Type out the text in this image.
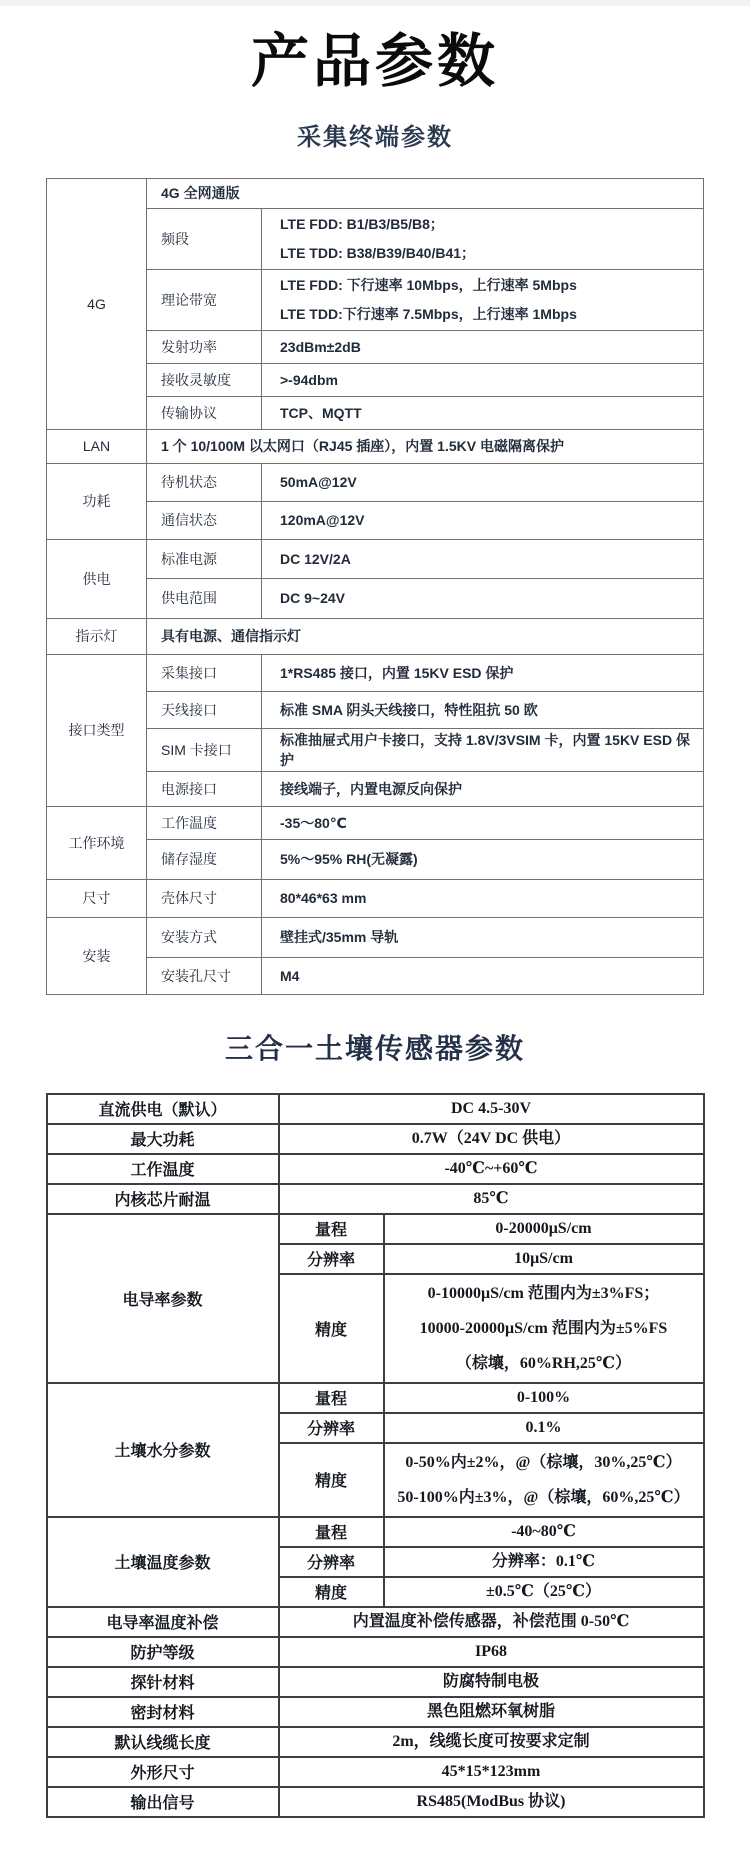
产品参数
采集终端参数
4G	4G 全网通版	

	频段	LTE FDD: B1/B3/B5/B8；
LTE TDD: B38/B39/B40/B41；

	理论带宽	LTE FDD: 下行速率 10Mbps，上行速率 5Mbps
LTE TDD:下行速率 7.5Mbps，上行速率 1Mbps

	发射功率	23dBm±2dB

	接收灵敏度	>-94dbm

	传输协议	TCP、MQTT

LAN	1 个 10/100M 以太网口（RJ45 插座），内置 1.5KV 电磁隔离保护	

功耗	待机状态	50mA@12V

	通信状态	120mA@12V

供电	标准电源	DC 12V/2A

	供电范围	DC 9~24V

指示灯	具有电源、通信指示灯	

接口类型	采集接口	1*RS485 接口，内置 15KV ESD 保护

	天线接口	标准 SMA 阴头天线接口，特性阻抗 50 欧

	SIM 卡接口	标准抽屉式用户卡接口，支持 1.8V/3VSIM 卡，内置 15KV ESD 保护

	电源接口	接线端子，内置电源反向保护

工作环境	工作温度	-35～80℃

	储存湿度	5%～95% RH(无凝露)

尺寸	壳体尺寸	80*46*63 mm

安装	安装方式	壁挂式/35mm 导轨

	安装孔尺寸	M4
三合一土壤传感器参数
直流供电（默认）	DC 4.5-30V	

最大功耗	0.7W（24V DC 供电）	

工作温度	-40℃~+60℃	

内核芯片耐温	85℃	

电导率参数	量程	0-20000μS/cm

	分辨率	10μS/cm

	精度	0-10000μS/cm 范围内为±3%FS；
10000-20000μS/cm 范围内为±5%FS
（棕壤，60%RH,25℃）

土壤水分参数	量程	0-100%

	分辨率	0.1%

	精度	0-50%内±2%，@（棕壤，30%,25℃）
50-100%内±3%，@（棕壤，60%,25℃）

土壤温度参数	量程	-40~80℃

	分辨率	分辨率：0.1℃

	精度	±0.5℃（25℃）

电导率温度补偿	内置温度补偿传感器，补偿范围 0-50℃	

防护等级	IP68	

探针材料	防腐特制电极	

密封材料	黑色阻燃环氧树脂	

默认线缆长度	2m，线缆长度可按要求定制	

外形尺寸	45*15*123mm	

输出信号	RS485(ModBus 协议)	
